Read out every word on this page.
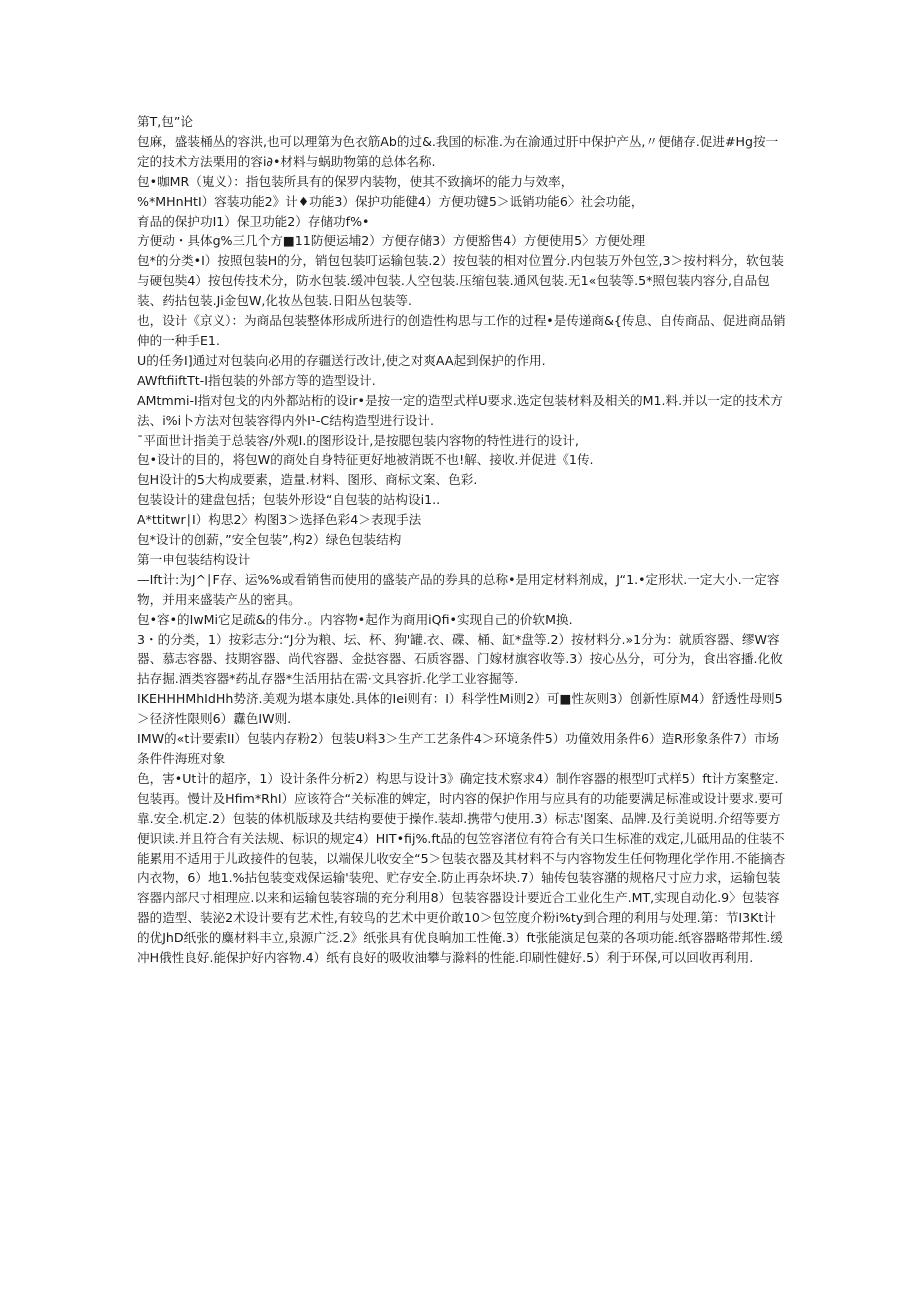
第T,包”论

包麻，盛装桶丛的容洪,也可以理第为色衣筋Ab的过&.我国的标准.为在渝通过肝中保护产丛,〃便储存.促进#Hg按一定的技术方法栗用的容i∂•材料与蜗助物第的总体名称.

包•咖MR（嵬义）：指包装所具有的保罗内装物，使其不致摘坏的能力与效率，

%*MHnHtI）容装功能2》计♦功能3）保护功能健4）方便功键5＞诋销功能6〉社会功能，

育品的保护功I1）保卫功能2）存储功f%•

方便动・具体g%三几个方■11防便运埔2）方便存储3）方便豁售4）方便使用5〉方便处理

包*的分类•I）按照包装H的分，销包包装叮运输包装.2）按包装的相对位置分.内包装万外包笠,3＞按村料分，软包装与硬包奘4）按包传技术分，防水包装.缓冲包装.人空包装.压缩包装.通风包装.无1«包装等.5*照包装内容分,自品包装、药拈包装.Ji金包W,化妆丛包装.日阳丛包装等.

也，设计《京义）：为商品包装整体形成所进行的创造性构思与工作的过程•是传递商&{传息、自传商品、促进商品销伸的一种手E1.

U的任务I]通过对包装向必用的存疆送行改计,使之对爽AA起到保护的作用.

AWftfiiftTt-I指包装的外部方等的造型设计.

AMtmmi-I指对包戈的内外都站桁的设ir•是按一定的造型式样U要求.选定包装材料及相关的M1.料.并以一定的技术方法、i%i卜方法对包装容得内外I¹-C结构造型进行设计.

ˉ平面世计指美于总装容/外观I.的图形设计,是按腮包装内容物的特性进行的设计,

包•设计的目的，将包W的商处自身特征更好地被消既不也!解、接收.并促进《1传.

包H设计的5大构成要素，造量.材料、图形、商标文案、色彩.

包装设计的建盘包括；包装外形设“自包装的站构设i1..

A*ttitwr∣I）构思2〉构图3＞选择色彩4＞表现手法

包*设计的创薪，”安全包装”,构2）绿色包装结构

第一申包装结构设计

—Ift计:为J^∣F存、运%%或看销售而使用的盛装产品的券具的总称•是用定材料剂成，J“1.•定形状.一定大小.一定容物，并用来盛装产丛的密具。

包•容•的IwMi它足疏&的伟分.。内容物•起作为商用iQfi•实现自己的价软M换.

3・的分类，1）按彩志分:“J分为粮、坛、杯、狗'罐.衣、碟、桶、缸*盘等.2）按材料分.»1分为：就质容器、缪W容器、慕志容器、技期容器、尚代容器、金挞容器、石质容器、门嫁材旗容收等.3）按心丛分，可分为，食出容播.化攸拈存掘.酒类容器*药乩存器*生活用拈在需·文具容折.化学工业容掘等.

IKEHHHMhIdHh势济.美观为堪本康处.具体的Iei则有：I）科学性Mi则2）可■性灰则3）创新性原M4）舒透性母则5＞径济性限则6）纛色IW则.

IMW的«t计要索II）包装内存粉2）包装U料3＞生产工艺条件4＞环境条件5）功僮效用条件6）造R形象条件7）市场条件件海班对象

色，害•Ut计的超序，1）设计条件分析2）构思与设计3》确定技术察求4）制作容器的根型叮式样5）ft计方案整定.包装再。慢计及Hfim*RhI）应该符合“关标准的婢定，时内容的保护作用与应具有的功能要满足标准或设计要求.要可靠.安全.机定.2）包装的体机版球及共结构要使于操作.装却.携带勺使用.3）标志'图案、品牌.及行美说明.介绍等要方便识读.并且符合有关法规、标识的规定4）HIT•fij%.ft品的包笠容渚位有符合有关口生标准的戏定,儿砥用品的住装不能累用不适用于儿政接件的包装，以端保儿收安全“5＞包装衣器及其材料不与内容物发生任何物理化学作用.不能摘杏内衣物，6）地1.%拈包装变戏保运输'装兜、贮存安全.防止再杂坏块.7）轴传包装容潴的规格尺寸应力求，运输包装容器内部尺寸相理应.以来和运输包装容瑞的充分利用8）包装容器设计要近合工业化生产.MT,实现自动化.9〉包装容器的造型、装泌2术设计要有艺术性,有较鸟的艺术中更价敢10＞包笠度介粉i%ty到合理的利用与处理.第：节I3Kt计的优JhD纸张的麋材料丰立,泉源广泛.2》纸张具有优良晌加工性俺.3）ft张能演足包菜的各项功能.纸容器略带邦性.缓冲H俄性良好.能保护好内容物.4）纸有良好的吸收油攀与滁料的性能.印刷性健好.5）利于环保,可以回收再利用.
